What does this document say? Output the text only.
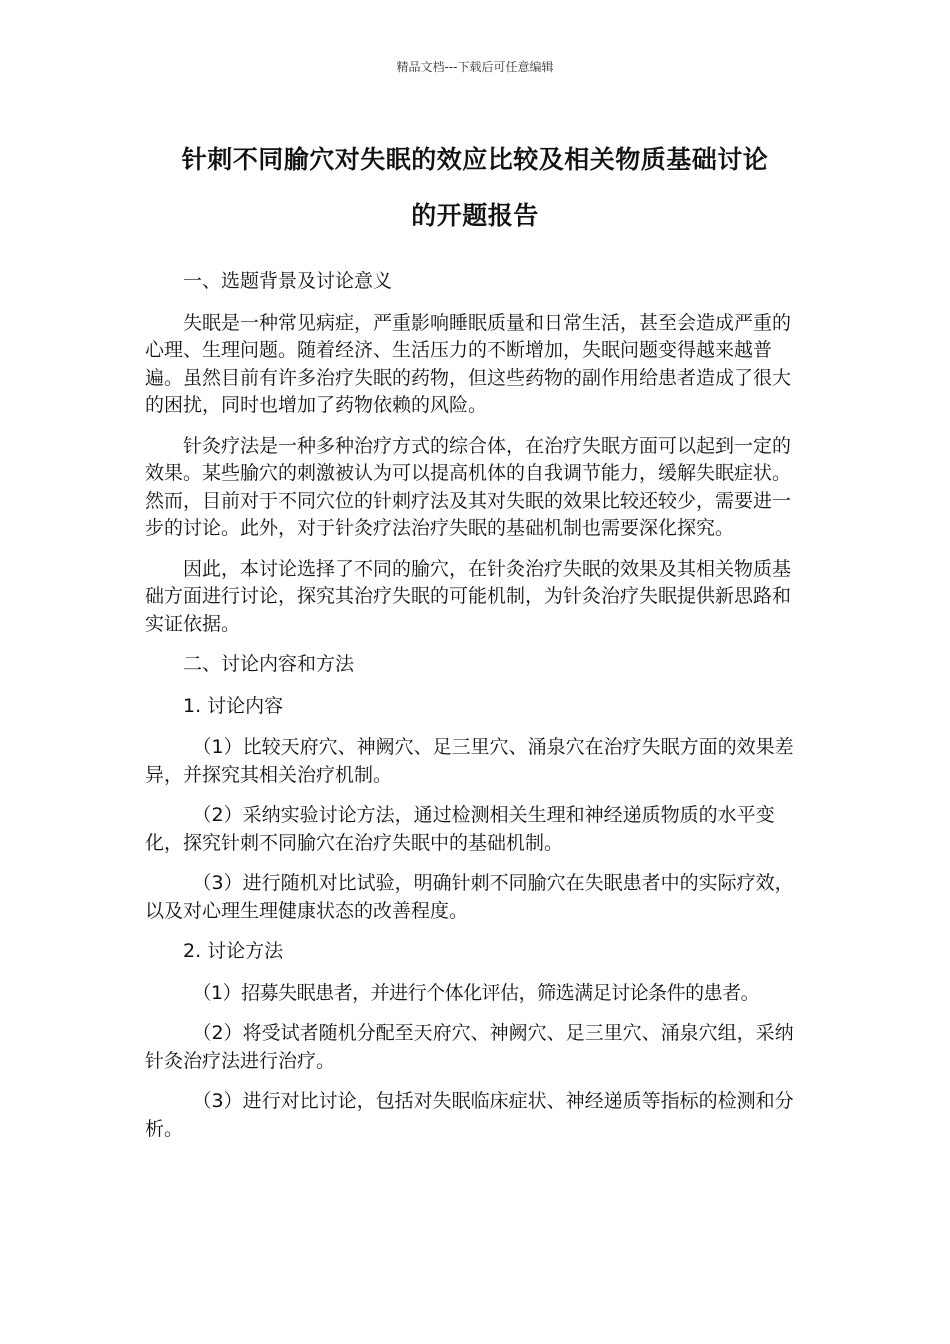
精品文档---下载后可任意编辑
针刺不同腧穴对失眠的效应比较及相关物质基础讨论
的开题报告

一、选题背景及讨论意义

失眠是一种常见病症，严重影响睡眠质量和日常生活，甚至会造成严重的心理、生理问题。随着经济、生活压力的不断增加，失眠问题变得越来越普遍。虽然目前有许多治疗失眠的药物，但这些药物的副作用给患者造成了很大的困扰，同时也增加了药物依赖的风险。

针灸疗法是一种多种治疗方式的综合体，在治疗失眠方面可以起到一定的效果。某些腧穴的刺激被认为可以提高机体的自我调节能力，缓解失眠症状。然而，目前对于不同穴位的针刺疗法及其对失眠的效果比较还较少，需要进一步的讨论。此外，对于针灸疗法治疗失眠的基础机制也需要深化探究。

因此，本讨论选择了不同的腧穴，在针灸治疗失眠的效果及其相关物质基础方面进行讨论，探究其治疗失眠的可能机制，为针灸治疗失眠提供新思路和实证依据。

二、讨论内容和方法

1. 讨论内容

（1）比较天府穴、神阙穴、足三里穴、涌泉穴在治疗失眠方面的效果差异，并探究其相关治疗机制。

（2）采纳实验讨论方法，通过检测相关生理和神经递质物质的水平变化，探究针刺不同腧穴在治疗失眠中的基础机制。

（3）进行随机对比试验，明确针刺不同腧穴在失眠患者中的实际疗效，以及对心理生理健康状态的改善程度。

2. 讨论方法

（1）招募失眠患者，并进行个体化评估，筛选满足讨论条件的患者。

（2）将受试者随机分配至天府穴、神阙穴、足三里穴、涌泉穴组，采纳针灸治疗法进行治疗。

（3）进行对比讨论，包括对失眠临床症状、神经递质等指标的检测和分析。
